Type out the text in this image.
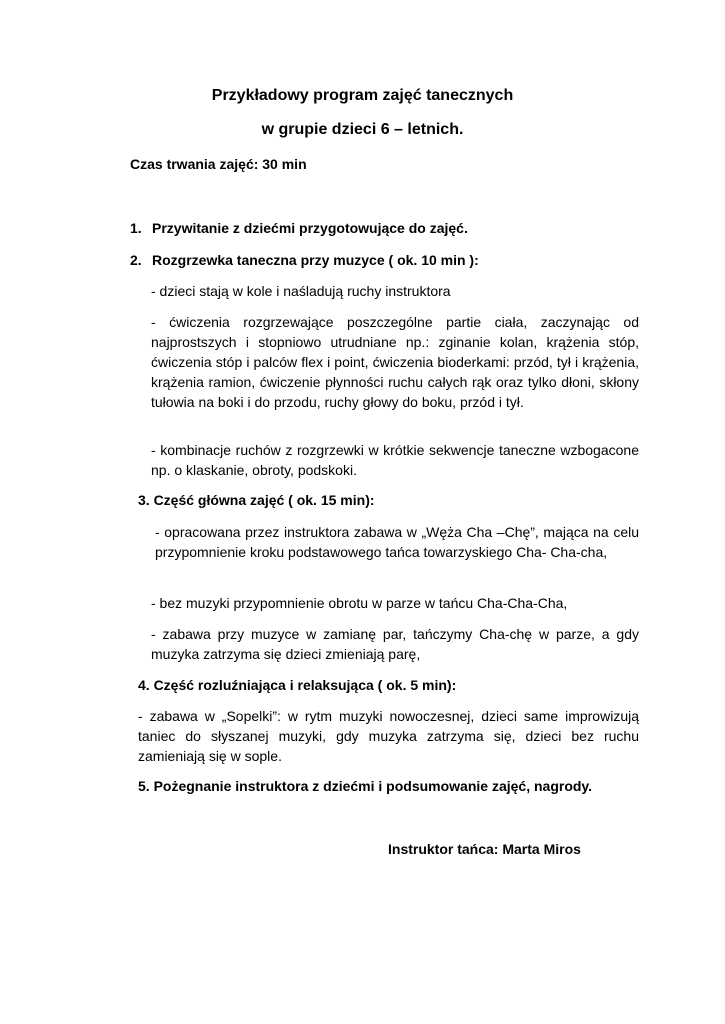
Przykładowy program zajęć tanecznych
w grupie dzieci 6 – letnich.
Czas trwania zajęć: 30 min
1. Przywitanie z dziećmi przygotowujące do zajęć.
2. Rozgrzewka taneczna przy muzyce ( ok. 10 min ):
- dzieci stają w kole i naśladują ruchy instruktora
- ćwiczenia rozgrzewające poszczególne partie ciała, zaczynając od najprostszych i stopniowo utrudniane np.: zginanie kolan, krążenia stóp, ćwiczenia stóp i palców flex i point, ćwiczenia bioderkami: przód, tył i krążenia, krążenia ramion, ćwiczenie płynności ruchu całych rąk oraz tylko dłoni, skłony tułowia na boki i do przodu, ruchy głowy do boku, przód i tył.
- kombinacje ruchów z rozgrzewki w krótkie sekwencje taneczne wzbogacone np. o klaskanie, obroty, podskoki.
3. Część główna zajęć ( ok. 15 min):
- opracowana przez instruktora zabawa w „Węża Cha –Chę”, mająca na celu przypomnienie kroku podstawowego tańca towarzyskiego Cha- Cha-cha,
- bez muzyki przypomnienie obrotu w parze w tańcu Cha-Cha-Cha,
- zabawa przy muzyce w zamianę par, tańczymy Cha-chę w parze, a gdy muzyka zatrzyma się dzieci zmieniają parę,
4. Część rozluźniająca i relaksująca ( ok. 5 min):
- zabawa w „Sopelki”: w rytm muzyki nowoczesnej, dzieci same improwizują taniec do słyszanej muzyki, gdy muzyka zatrzyma się, dzieci bez ruchu zamieniają się w sople.
5. Pożegnanie instruktora z dziećmi i podsumowanie zajęć, nagrody.
Instruktor tańca: Marta Miros
